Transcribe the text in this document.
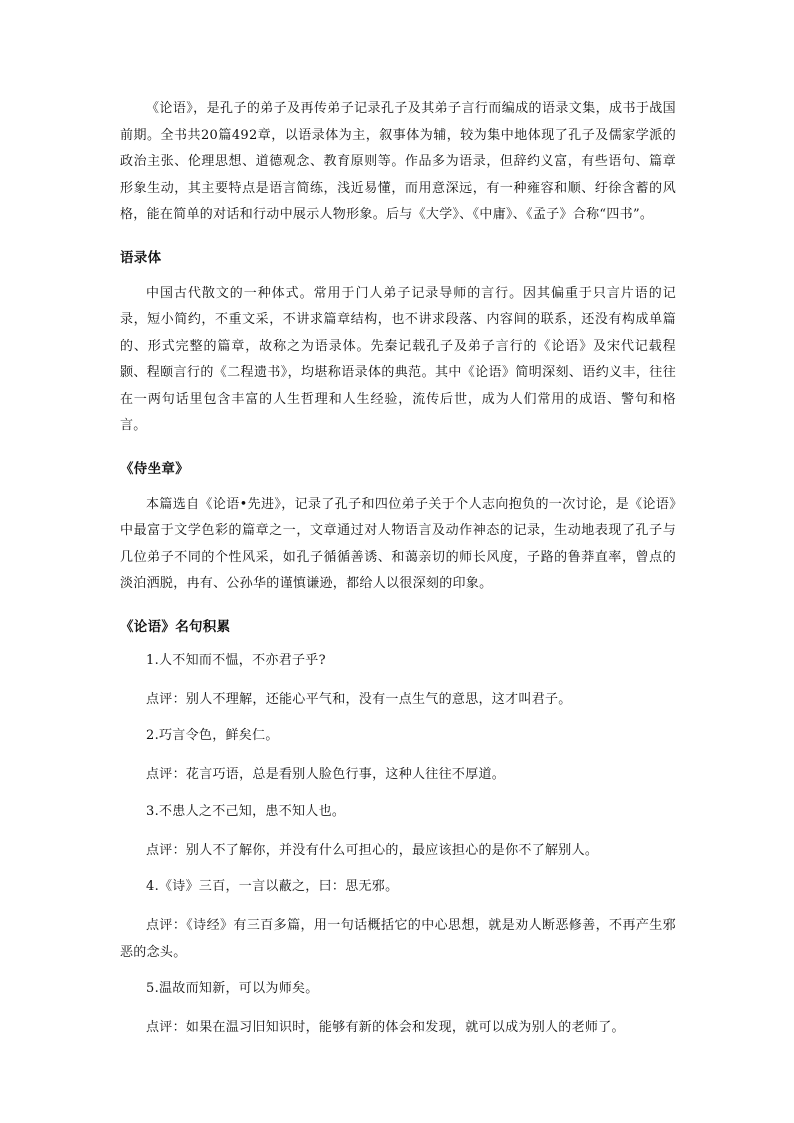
《论语》，是孔子的弟子及再传弟子记录孔子及其弟子言行而编成的语录文集，成书于战国前期。全书共20篇492章，以语录体为主，叙事体为辅，较为集中地体现了孔子及儒家学派的政治主张、伦理思想、道德观念、教育原则等。作品多为语录，但辞约义富，有些语句、篇章形象生动，其主要特点是语言简练，浅近易懂，而用意深远，有一种雍容和顺、纡徐含蓄的风格，能在简单的对话和行动中展示人物形象。后与《大学》、《中庸》、《孟子》合称“四书”。

语录体

中国古代散文的一种体式。常用于门人弟子记录导师的言行。因其偏重于只言片语的记录，短小简约，不重文采，不讲求篇章结构，也不讲求段落、内容间的联系，还没有构成单篇的、形式完整的篇章，故称之为语录体。先秦记载孔子及弟子言行的《论语》及宋代记载程颢、程颐言行的《二程遗书》，均堪称语录体的典范。其中《论语》简明深刻、语约义丰，往往在一两句话里包含丰富的人生哲理和人生经验，流传后世，成为人们常用的成语、警句和格言。

《侍坐章》

本篇选自《论语•先进》，记录了孔子和四位弟子关于个人志向抱负的一次讨论，是《论语》中最富于文学色彩的篇章之一，文章通过对人物语言及动作神态的记录，生动地表现了孔子与几位弟子不同的个性风采，如孔子循循善诱、和蔼亲切的师长风度，子路的鲁莽直率，曾点的淡泊洒脱，冉有、公孙华的谨慎谦逊，都给人以很深刻的印象。

《论语》名句积累

1.人不知而不愠，不亦君子乎?

点评：别人不理解，还能心平气和，没有一点生气的意思，这才叫君子。

2.巧言令色，鲜矣仁。

点评：花言巧语，总是看别人脸色行事，这种人往往不厚道。

3.不患人之不己知，患不知人也。

点评：别人不了解你，并没有什么可担心的，最应该担心的是你不了解别人。

4.《诗》三百，一言以蔽之，曰：思无邪。

点评：《诗经》有三百多篇，用一句话概括它的中心思想，就是劝人断恶修善，不再产生邪恶的念头。

5.温故而知新，可以为师矣。

点评：如果在温习旧知识时，能够有新的体会和发现，就可以成为别人的老师了。
